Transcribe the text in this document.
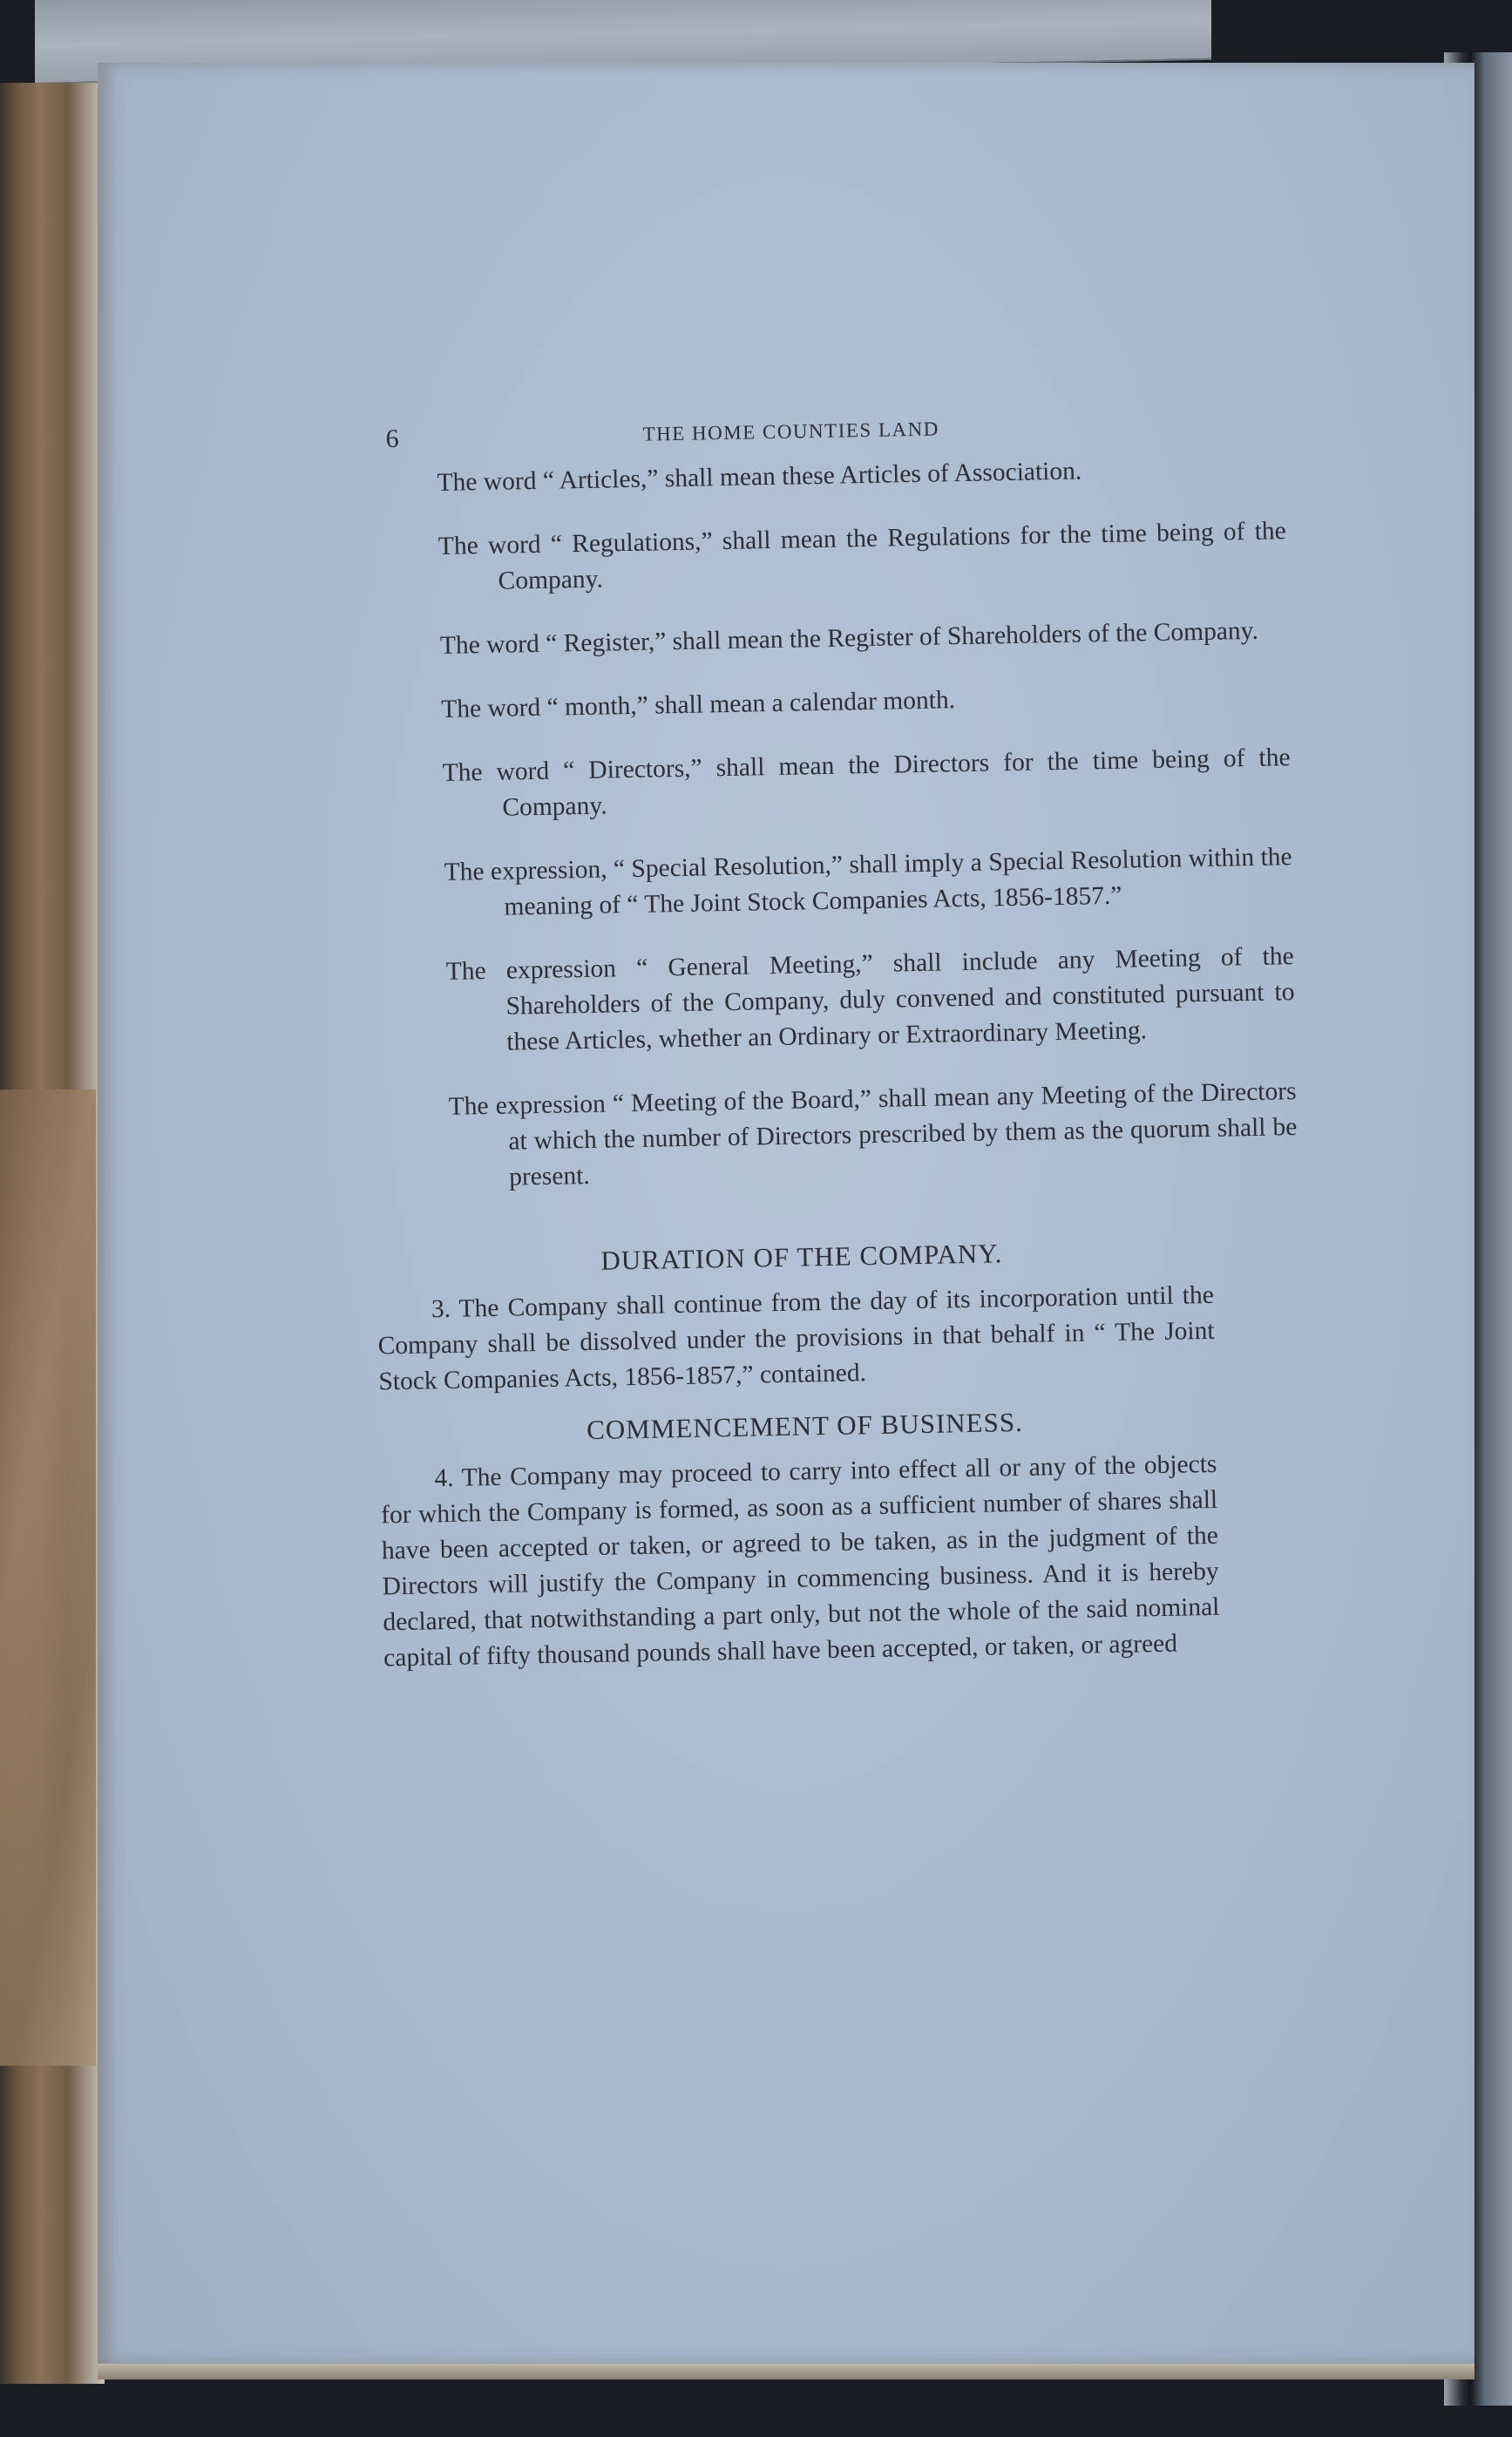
6	THE HOME COUNTIES LAND

The word “ Articles,” shall mean these Articles of Association.

The word “ Regulations,” shall mean the Regulations for the time being of the Company.

The word “ Register,” shall mean the Register of Shareholders of the Company.

The word “ month,” shall mean a calendar month.

The word “ Directors,” shall mean the Directors for the time being of the Company.

The expression, “ Special Resolution,” shall imply a Special Resolution within the meaning of “ The Joint Stock Companies Acts, 1856-1857.”

The expression “ General Meeting,” shall include any Meeting of the Shareholders of the Company, duly convened and constituted pursuant to these Articles, whether an Ordinary or Extraordinary Meeting.

The expression “ Meeting of the Board,” shall mean any Meeting of the Directors at which the number of Directors prescribed by them as the quorum shall be present.

DURATION OF THE COMPANY.

3. The Company shall continue from the day of its incorporation until the Company shall be dissolved under the provisions in that behalf in “ The Joint Stock Companies Acts, 1856-1857,” contained.

COMMENCEMENT OF BUSINESS.

4. The Company may proceed to carry into effect all or any of the objects for which the Company is formed, as soon as a sufficient number of shares shall have been accepted or taken, or agreed to be taken, as in the judgment of the Directors will justify the Company in commencing business. And it is hereby declared, that notwithstanding a part only, but not the whole of the said nominal capital of fifty thousand pounds shall have been accepted, or taken, or agreed
